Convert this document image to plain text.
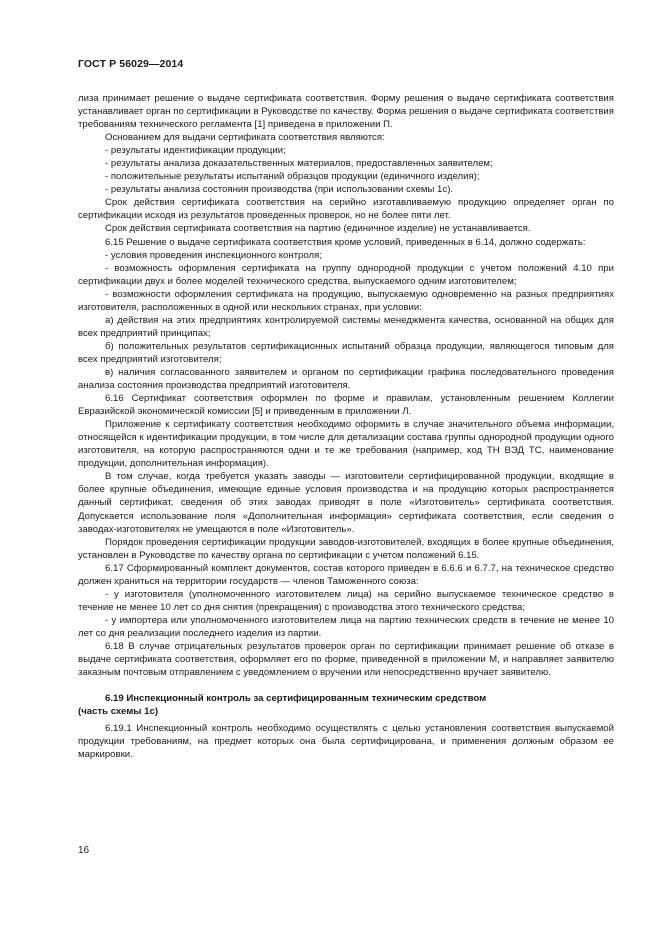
ГОСТ Р 56029—2014

лиза принимает решение о выдаче сертификата соответствия. Форму решения о выдаче сертификата соответствия устанавливает орган по сертификации в Руководстве по качеству. Форма решения о выдаче сертификата соответствия требованиям технического регламента [1] приведена в приложении П.

Основанием для выдачи сертификата соответствия являются:

- результаты идентификации продукции;

- результаты анализа доказательственных материалов, предоставленных заявителем;

- положительные результаты испытаний образцов продукции (единичного изделия);

- результаты анализа состояния производства (при использовании схемы 1с).

Срок действия сертификата соответствия на серийно изготавливаемую продукцию определяет орган по сертификации исходя из результатов проведенных проверок, но не более пяти лет.

Срок действия сертификата соответствия на партию (единичное изделие) не устанавливается.

6.15 Решение о выдаче сертификата соответствия кроме условий, приведенных в 6.14, должно содержать:

- условия проведения инспекционного контроля;

- возможность оформления сертификата на группу однородной продукции с учетом положений 4.10 при сертификации двух и более моделей технического средства, выпускаемого одним изготовителем;

- возможности оформления сертификата на продукцию, выпускаемую одновременно на разных предприятиях изготовителя, расположенных в одной или нескольких странах, при условии:

а) действия на этих предприятиях контролируемой системы менеджмента качества, основанной на общих для всех предприятий принципах;

б) положительных результатов сертификационных испытаний образца продукции, являющегося типовым для всех предприятий изготовителя;

в) наличия согласованного заявителем и органом по сертификации графика последовательного проведения анализа состояния производства предприятий изготовителя.

6.16 Сертификат соответствия оформлен по форме и правилам, установленным решением Коллегии Евразийской экономической комиссии [5] и приведенным в приложении Л.

Приложение к сертификату соответствия необходимо оформить в случае значительного объема информации, относящейся к идентификации продукции, в том числе для детализации состава группы однородной продукции одного изготовителя, на которую распространяются одни и те же требования (например, код ТН ВЭД ТС, наименование продукции, дополнительная информация).

В том случае, когда требуется указать заводы — изготовители сертифицированной продукции, входящие в более крупные объединения, имеющие единые условия производства и на продукцию которых распространяется данный сертификат, сведения об этих заводах приводят в поле «Изготовитель» сертификата соответствия. Допускается использование поля «Дополнительная информация» сертификата соответствия, если сведения о заводах-изготовителях не умещаются в поле «Изготовитель».

Порядок проведения сертификации продукции заводов-изготовителей, входящих в более крупные объединения, установлен в Руководстве по качеству органа по сертификации с учетом положений 6.15.

6.17 Сформированный комплект документов, состав которого приведен в 6.6.6 и 6.7.7, на техническое средство должен храниться на территории государств — членов Таможенного союза:

- у изготовителя (уполномоченного изготовителем лица) на серийно выпускаемое техническое средство в течение не менее 10 лет со дня снятия (прекращения) с производства этого технического средства;

- у импортера или уполномоченного изготовителем лица на партию технических средств в течение не менее 10 лет со дня реализации последнего изделия из партии.

6.18 В случае отрицательных результатов проверок орган по сертификации принимает решение об отказе в выдаче сертификата соответствия, оформляет его по форме, приведенной в приложении М, и направляет заявителю заказным почтовым отправлением с уведомлением о вручении или непосредственно вручает заявителю.

6.19 Инспекционный контроль за сертифицированным техническим средством
(часть схемы 1с)

6.19.1 Инспекционный контроль необходимо осуществлять с целью установления соответствия выпускаемой продукции требованиям, на предмет которых она была сертифицирована, и применения должным образом ее маркировки.

16
